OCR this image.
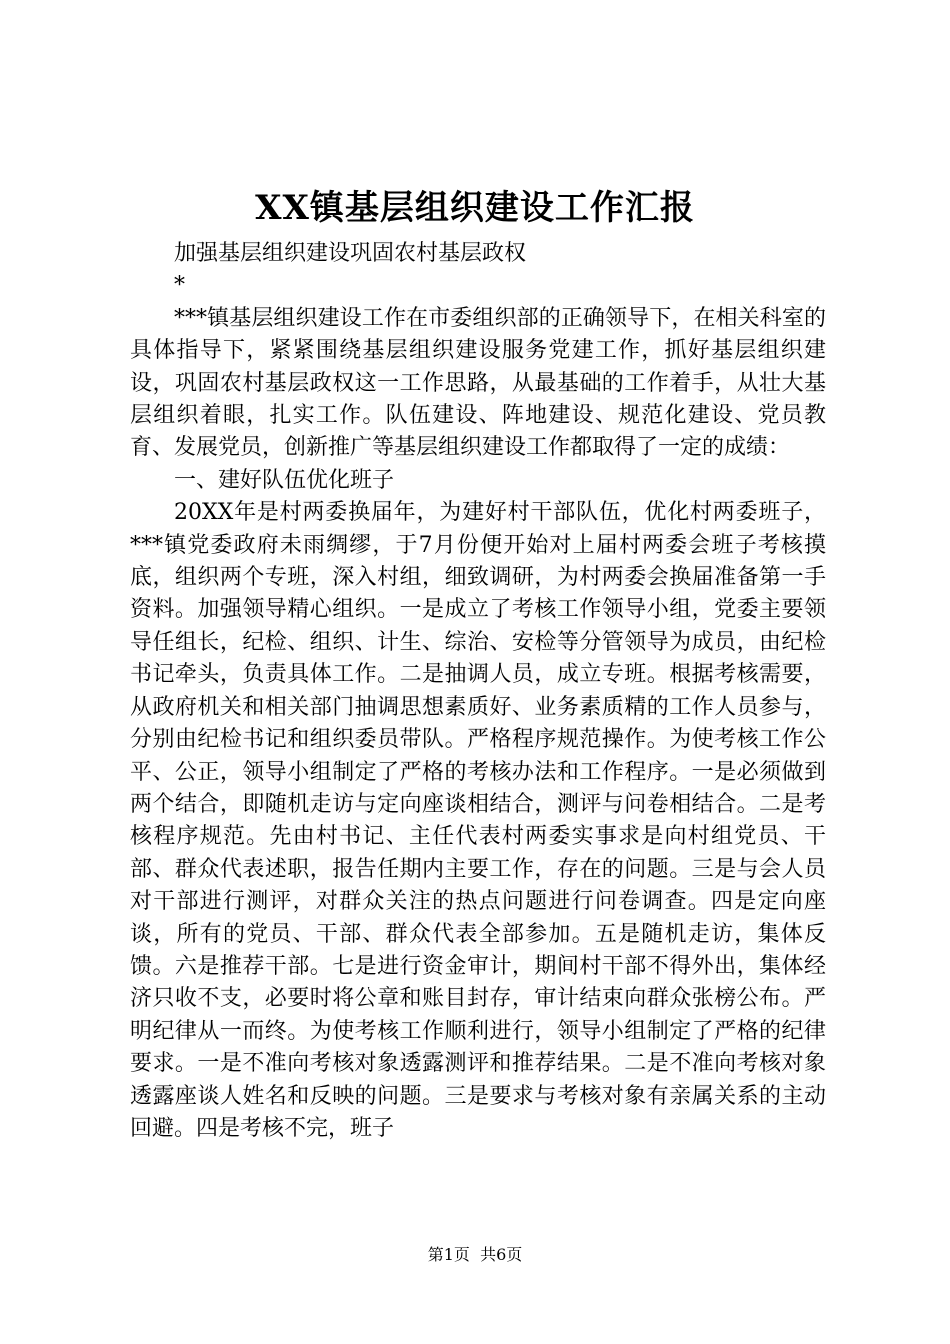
XX镇基层组织建设工作汇报

加强基层组织建设巩固农村基层政权

*

***镇基层组织建设工作在市委组织部的正确领导下，在相关科室的具体指导下，紧紧围绕基层组织建设服务党建工作，抓好基层组织建设，巩固农村基层政权这一工作思路，从最基础的工作着手，从壮大基层组织着眼，扎实工作。队伍建设、阵地建设、规范化建设、党员教育、发展党员，创新推广等基层组织建设工作都取得了一定的成绩：

一、建好队伍优化班子

20XX年是村两委换届年，为建好村干部队伍，优化村两委班子，***镇党委政府未雨绸缪，于7月份便开始对上届村两委会班子考核摸底，组织两个专班，深入村组，细致调研，为村两委会换届准备第一手资料。加强领导精心组织。一是成立了考核工作领导小组，党委主要领导任组长，纪检、组织、计生、综治、安检等分管领导为成员，由纪检书记牵头，负责具体工作。二是抽调人员，成立专班。根据考核需要，从政府机关和相关部门抽调思想素质好、业务素质精的工作人员参与，分别由纪检书记和组织委员带队。严格程序规范操作。为使考核工作公平、公正，领导小组制定了严格的考核办法和工作程序。一是必须做到两个结合，即随机走访与定向座谈相结合，测评与问卷相结合。二是考核程序规范。先由村书记、主任代表村两委实事求是向村组党员、干部、群众代表述职，报告任期内主要工作，存在的问题。三是与会人员对干部进行测评，对群众关注的热点问题进行问卷调查。四是定向座谈，所有的党员、干部、群众代表全部参加。五是随机走访，集体反馈。六是推荐干部。七是进行资金审计，期间村干部不得外出，集体经济只收不支，必要时将公章和账目封存，审计结束向群众张榜公布。严明纪律从一而终。为使考核工作顺利进行，领导小组制定了严格的纪律要求。一是不准向考核对象透露测评和推荐结果。二是不准向考核对象透露座谈人姓名和反映的问题。三是要求与考核对象有亲属关系的主动回避。四是考核不完，班子

第1页  共6页
